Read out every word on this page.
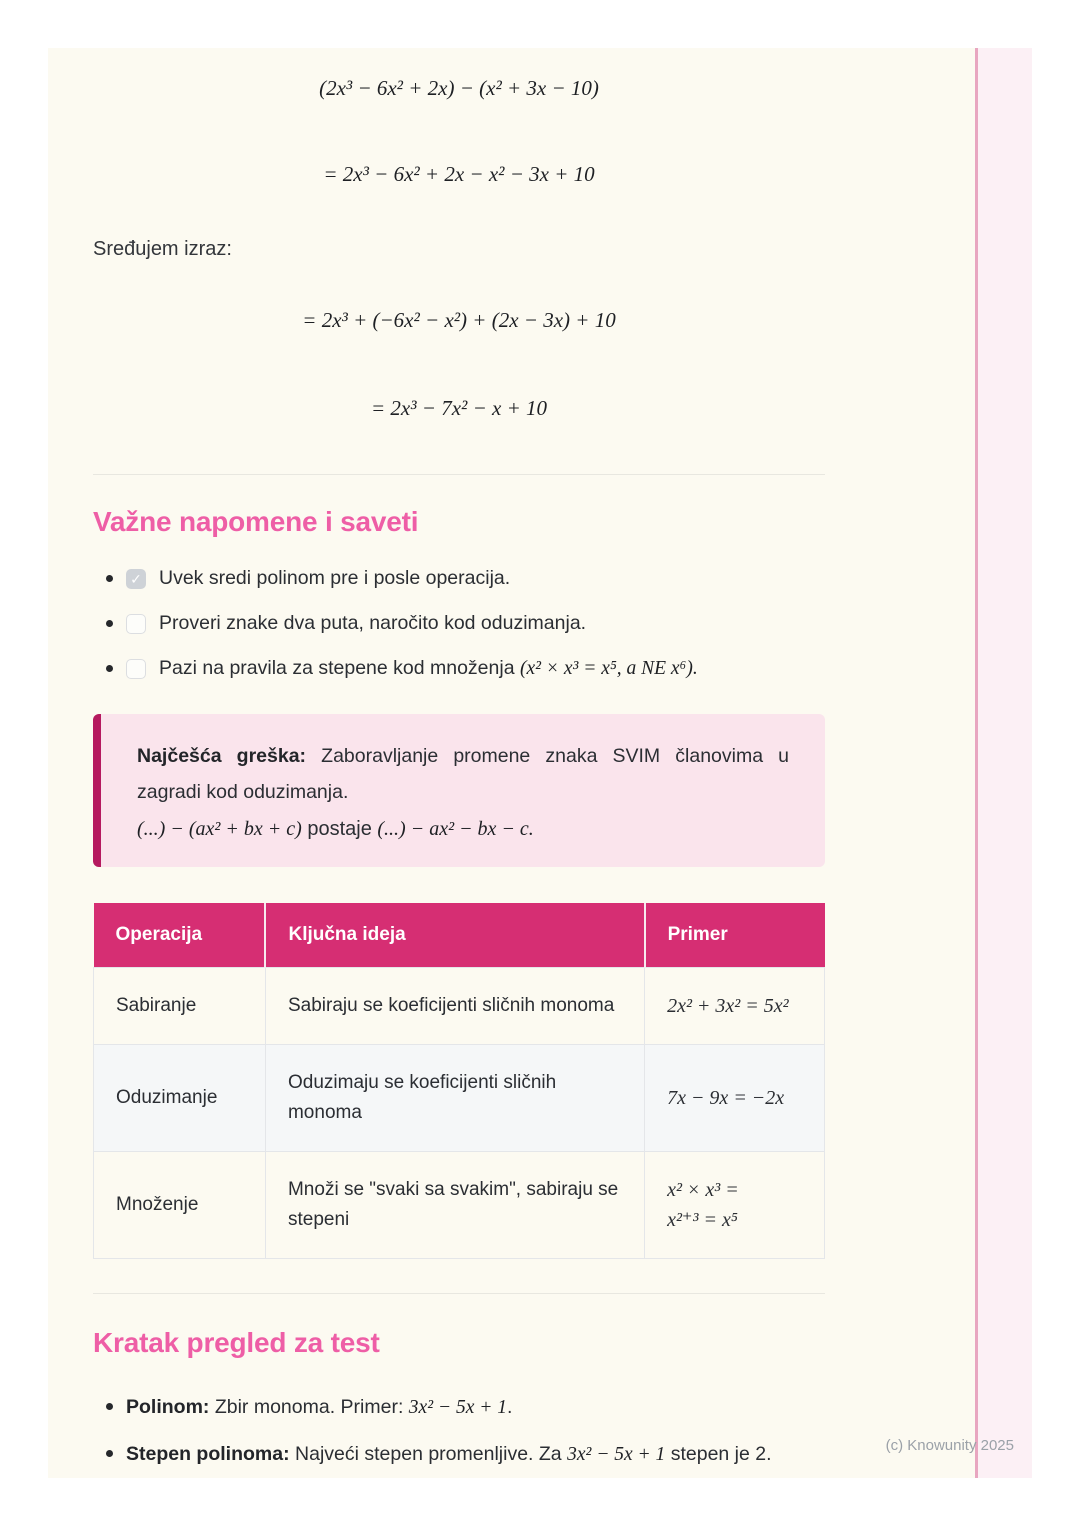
(2x³ − 6x² + 2x) − (x² + 3x − 10)
= 2x³ − 6x² + 2x − x² − 3x + 10

Sređujem izraz:

= 2x³ + (−6x² − x²) + (2x − 3x) + 10
= 2x³ − 7x² − x + 10
Važne napomene i saveti
✓
Uvek sredi polinom pre i posle operacija.
Proveri znake dva puta, naročito kod oduzimanja.
Pazi na pravila za stepene kod množenja (x² × x³ = x⁵, a NE x⁶).

Najčešća greška: Zaboravljanje promene znaka SVIM članovima u zagradi kod oduzimanja.

(...) − (ax² + bx + c) postaje (...) − ax² − bx − c.

Operacija	Ključna ideja	Primer
Sabiranje	Sabiraju se koeficijenti sličnih monoma	2x² + 3x² = 5x²

Oduzimanje	Oduzimaju se koeficijenti sličnih monoma	7x − 9x = −2x

Množenje	Množi se "svaki sa svakim", sabiraju se stepeni	x² × x³ =
x²⁺³ = x⁵
Kratak pregled za test
Polinom: Zbir monoma. Primer: 3x² − 5x + 1.
Stepen polinoma: Najveći stepen promenljive. Za 3x² − 5x + 1 stepen je 2.	(c) Knowunity 2025
